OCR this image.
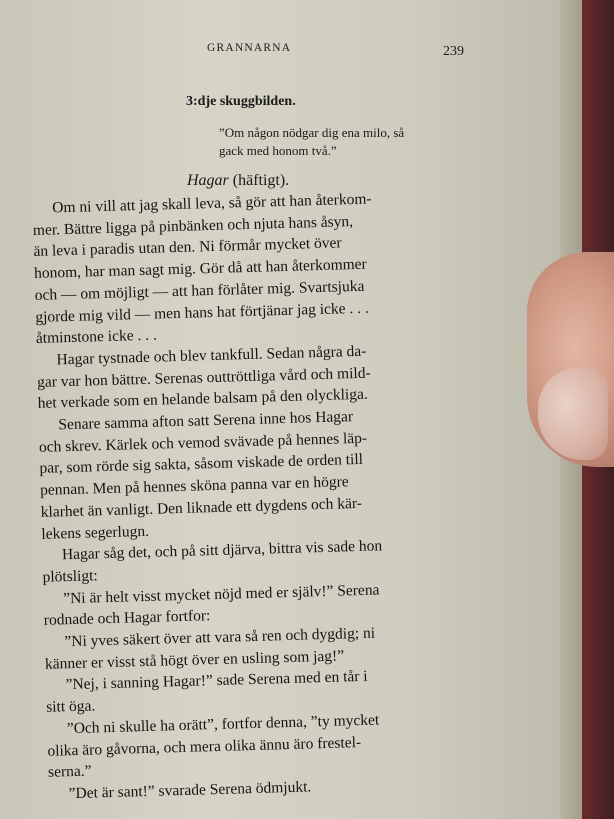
GRANNARNA	239
3:dje skuggbilden.
”Om någon nödgar dig ena milo, så
gack med honom två.”
Hagar (häftigt).
Om ni vill att jag skall leva, så gör att han återkom-
mer. Bättre ligga på pinbänken och njuta hans åsyn,
än leva i paradis utan den. Ni förmår mycket över
honom, har man sagt mig. Gör då att han återkommer
och — om möjligt — att han förlåter mig. Svartsjuka
gjorde mig vild — men hans hat förtjänar jag icke . . .
åtminstone icke . . .
Hagar tystnade och blev tankfull. Sedan några da-
gar var hon bättre. Serenas outtröttliga vård och mild-
het verkade som en helande balsam på den olyckliga.
Senare samma afton satt Serena inne hos Hagar
och skrev. Kärlek och vemod svävade på hennes läp-
par, som rörde sig sakta, såsom viskade de orden till
pennan. Men på hennes sköna panna var en högre
klarhet än vanligt. Den liknade ett dygdens och kär-
lekens segerlugn.
Hagar såg det, och på sitt djärva, bittra vis sade hon
plötsligt:
”Ni är helt visst mycket nöjd med er själv!” Serena
rodnade och Hagar fortfor:
”Ni yves säkert över att vara så ren och dygdig; ni
känner er visst stå högt över en usling som jag!”
”Nej, i sanning Hagar!” sade Serena med en tår i
sitt öga.
”Och ni skulle ha orätt”, fortfor denna, ”ty mycket
olika äro gåvorna, och mera olika ännu äro frestel-
serna.”
”Det är sant!” svarade Serena ödmjukt.
